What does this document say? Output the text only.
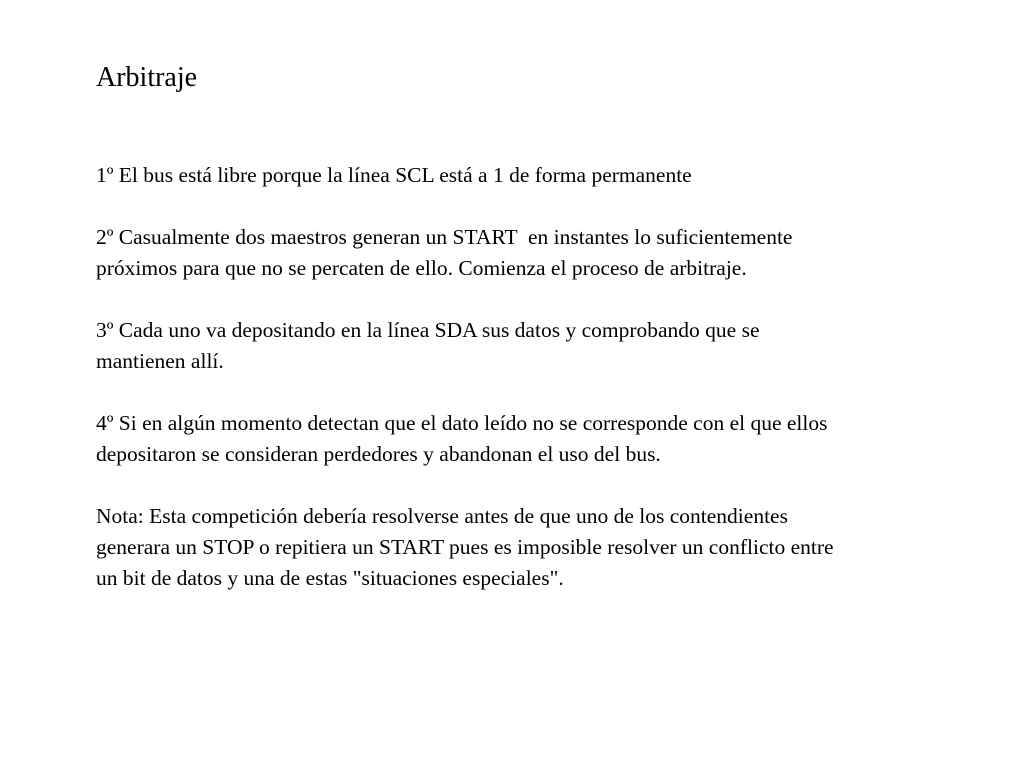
Arbitraje

1º El bus está libre porque la línea SCL está a 1 de forma permanente

2º Casualmente dos maestros generan un START  en instantes lo suficientemente
próximos para que no se percaten de ello. Comienza el proceso de arbitraje.

3º Cada uno va depositando en la línea SDA sus datos y comprobando que se
mantienen allí.

4º Si en algún momento detectan que el dato leído no se corresponde con el que ellos
depositaron se consideran perdedores y abandonan el uso del bus.

Nota: Esta competición debería resolverse antes de que uno de los contendientes
generara un STOP o repitiera un START pues es imposible resolver un conflicto entre
un bit de datos y una de estas "situaciones especiales".
